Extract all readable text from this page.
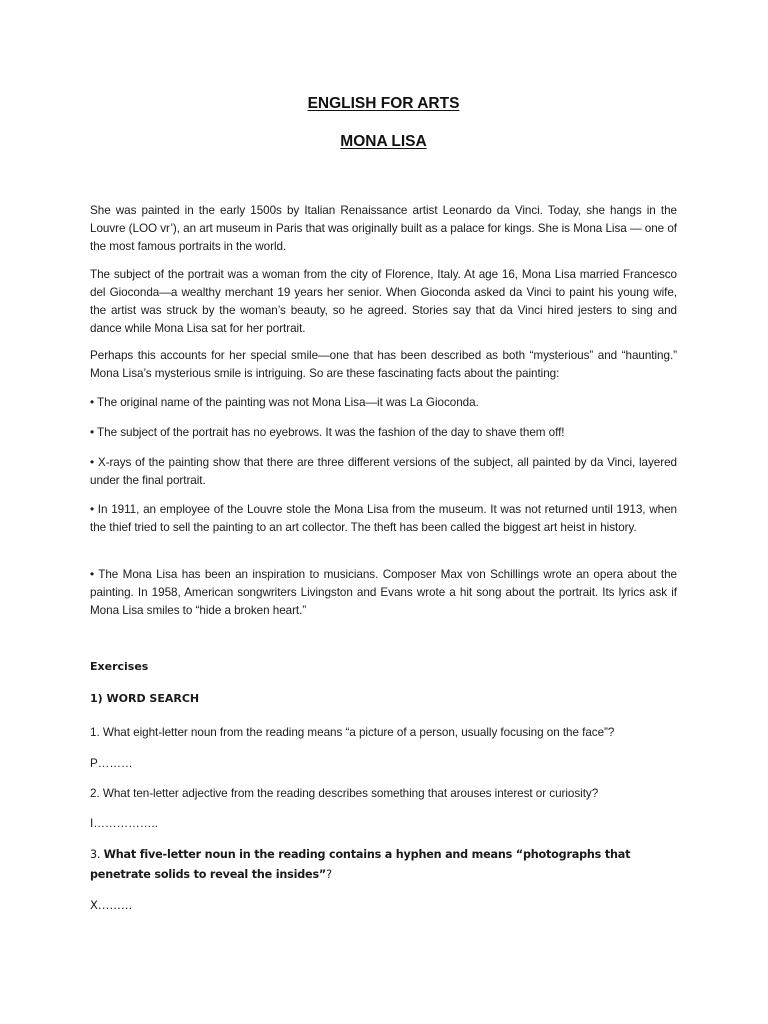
ENGLISH FOR ARTS
MONA LISA

She was painted in the early 1500s by Italian Renaissance artist Leonardo da Vinci. Today, she hangs in the Louvre (LOO vr’), an art museum in Paris that was originally built as a palace for kings. She is Mona Lisa — one of the most famous portraits in the world.

The subject of the portrait was a woman from the city of Florence, Italy. At age 16, Mona Lisa married Francesco del Gioconda—a wealthy merchant 19 years her senior. When Gioconda asked da Vinci to paint his young wife, the artist was struck by the woman’s beauty, so he agreed. Stories say that da Vinci hired jesters to sing and dance while Mona Lisa sat for her portrait.

Perhaps this accounts for her special smile—one that has been described as both “mysterious” and “haunting.” Mona Lisa’s mysterious smile is intriguing. So are these fascinating facts about the painting:

• The original name of the painting was not Mona Lisa—it was La Gioconda.

• The subject of the portrait has no eyebrows. It was the fashion of the day to shave them off!

• X-rays of the painting show that there are three different versions of the subject, all painted by da Vinci, layered under the final portrait.

• In 1911, an employee of the Louvre stole the Mona Lisa from the museum. It was not returned until 1913, when the thief tried to sell the painting to an art collector. The theft has been called the biggest art heist in history.

• The Mona Lisa has been an inspiration to musicians. Composer Max von Schillings wrote an opera about the painting. In 1958, American songwriters Livingston and Evans wrote a hit song about the portrait. Its lyrics ask if Mona Lisa smiles to “hide a broken heart.”

Exercises

1) WORD SEARCH

1. What eight-letter noun from the reading means “a picture of a person, usually focusing on the face”?

P………

2. What ten-letter adjective from the reading describes something that arouses interest or curiosity?

I……………..

3. What five-letter noun in the reading contains a hyphen and means “photographs that penetrate solids to reveal the insides”?

X………
